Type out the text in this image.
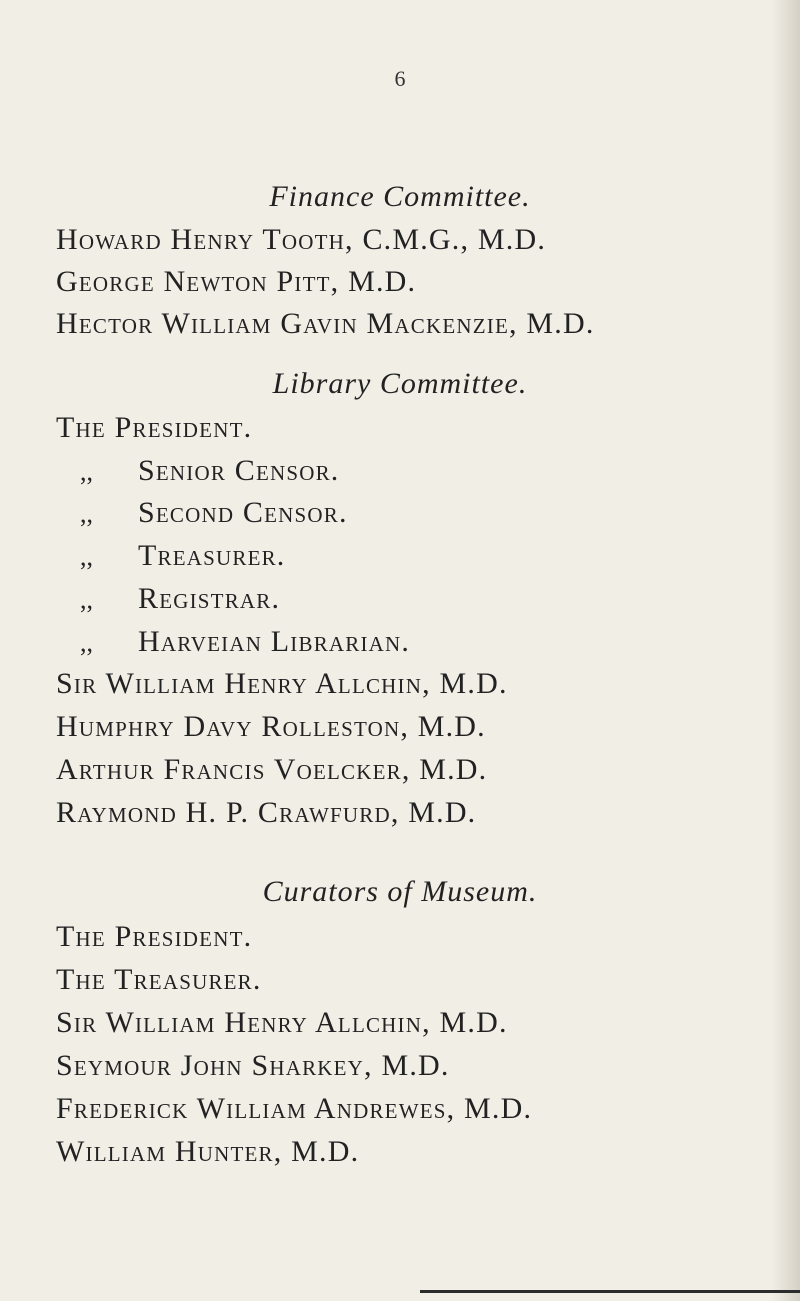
6
Finance Committee.
Howard Henry Tooth, C.M.G., M.D.
George Newton Pitt, M.D.
Hector William Gavin Mackenzie, M.D.
Library Committee.
The President.
,, Senior Censor.
,, Second Censor.
,, Treasurer.
,, Registrar.
,, Harveian Librarian.
Sir William Henry Allchin, M.D.
Humphry Davy Rolleston, M.D.
Arthur Francis Voelcker, M.D.
Raymond H. P. Crawfurd, M.D.
Curators of Museum.
The President.
The Treasurer.
Sir William Henry Allchin, M.D.
Seymour John Sharkey, M.D.
Frederick William Andrewes, M.D.
William Hunter, M.D.
